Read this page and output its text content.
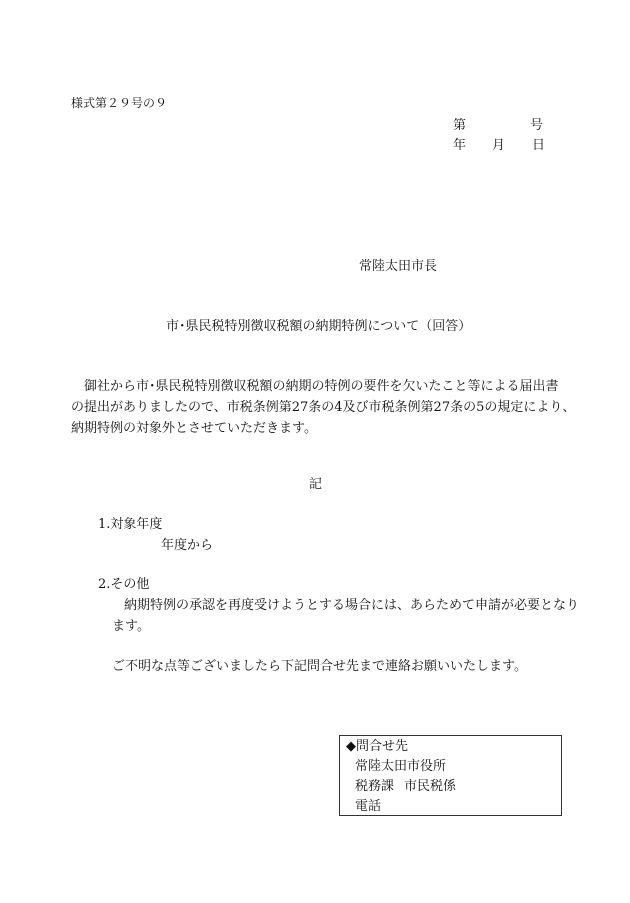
様式第２９号の９
第	号
年 月 日
常陸太田市長
市･県民税特別徴収税額の納期特例について（回答）
御社から市･県民税特別徴収税額の納期の特例の要件を欠いたこと等による届出書
の提出がありましたので、市税条例第27条の4及び市税条例第27条の5の規定により、
納期特例の対象外とさせていただきます。
記
1.対象年度
年度から
2.その他
納期特例の承認を再度受けようとする場合には、あらためて申請が必要となり
ます。
ご不明な点等ございましたら下記問合せ先まで連絡お願いいたします。
◆問合せ先
常陸太田市役所
税務課 市民税係
電話
